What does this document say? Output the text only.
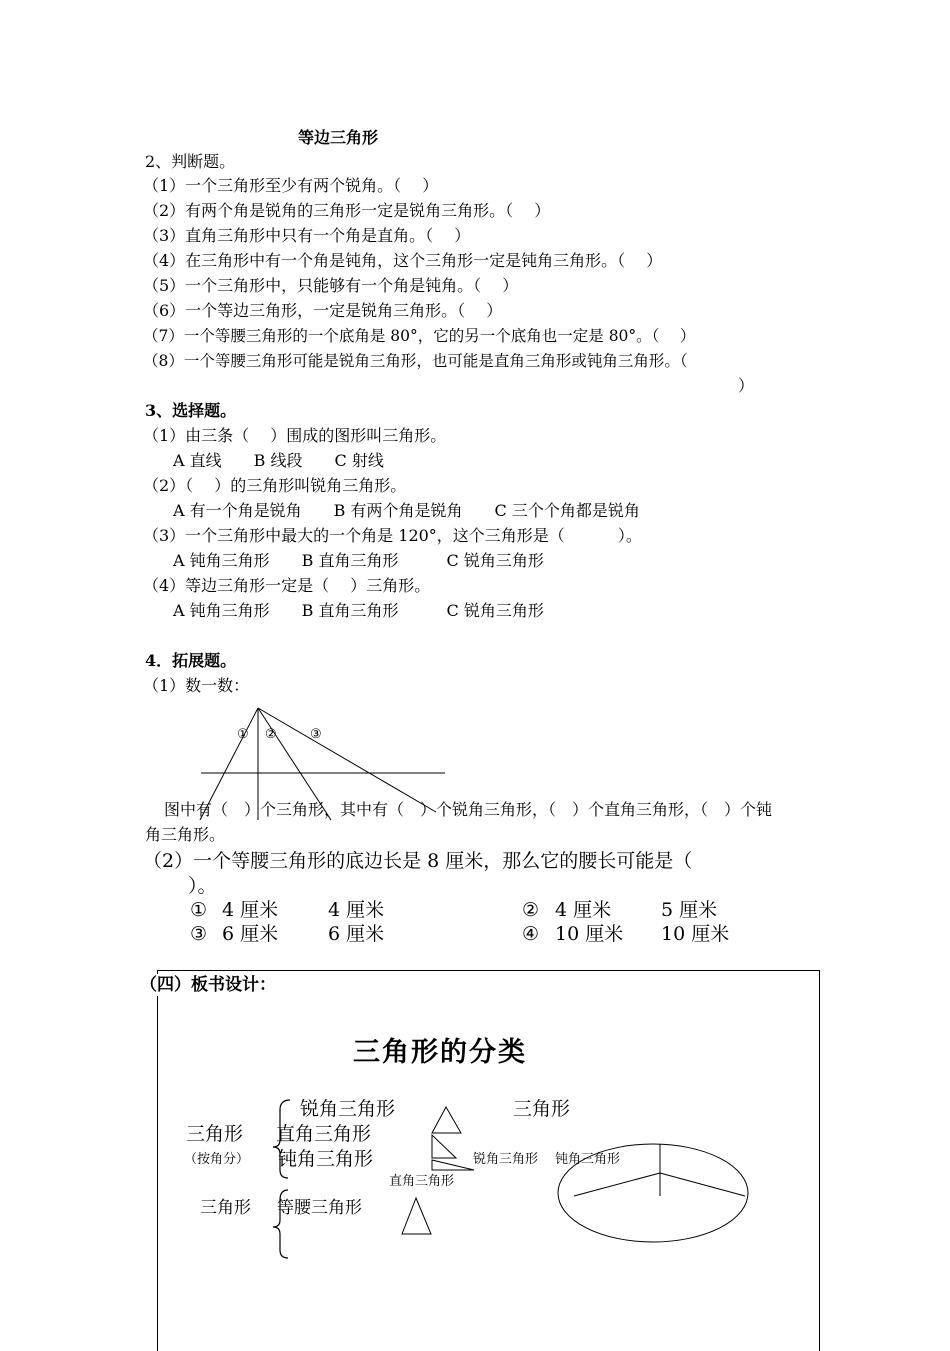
等边三角形
2、判断题。
（1）一个三角形至少有两个锐角。（　 ）
（2）有两个角是锐角的三角形一定是锐角三角形。（　 ）
（3）直角三角形中只有一个角是直角。（　 ）
（4）在三角形中有一个角是钝角，这个三角形一定是钝角三角形。（　 ）
（5）一个三角形中，只能够有一个角是钝角。（　 ）
（6）一个等边三角形，一定是锐角三角形。（　 ）
（7）一个等腰三角形的一个底角是 80°，它的另一个底角也一定是 80°。（　 ）
（8）一个等腰三角形可能是锐角三角形，也可能是直角三角形或钝角三角形。（
）
3、选择题。
（1）由三条（　 ）围成的图形叫三角形。
　A 直线　　B 线段　　C 射线
（2）（　 ）的三角形叫锐角三角形。
　A 有一个角是锐角　　B 有两个角是锐角　　C 三个个角都是锐角
（3）一个三角形中最大的一个角是 120°，这个三角形是（　　　 ）。
　A 钝角三角形　　B 直角三角形　　　C 锐角三角形
（4）等边三角形一定是（　 ）三角形。
　A 钝角三角形　　B 直角三角形　　　C 锐角三角形
4．拓展题。
（1）数一数：
① ②	③
　图中有（　）个三角形，其中有（　）个锐角三角形，（　）个直角三角形，（　）个钝
角三角形。
（2）一个等腰三角形的底边长是 8 厘米，那么它的腰长可能是（
）。
① 4 厘米	4 厘米	② 4 厘米	5 厘米
③ 6 厘米	6 厘米	④ 10 厘米 10 厘米
（四）板书设计：
三角形的分类
三角形
（按角分）
锐角三角形
直角三角形
钝角三角形
三角形 等腰三角形
三角形
直角三角形
锐角三角形 钝角三角形
